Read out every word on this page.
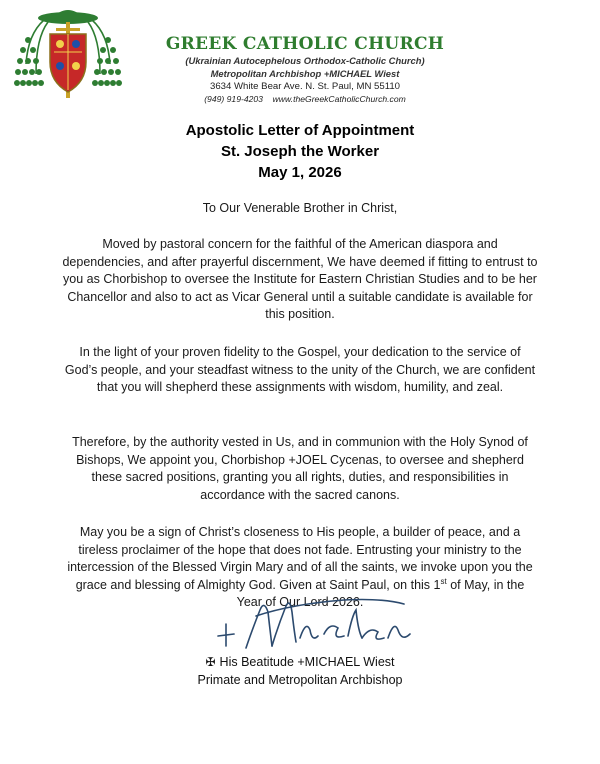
GREEK CATHOLIC CHURCH
(Ukrainian Autocephelous Orthodox-Catholic Church)
Metropolitan Archbishop +MICHAEL Wiest
3634 White Bear Ave. N. St. Paul, MN 55110
(949) 919-4203 www.theGreekCatholicChurch.com
Apostolic Letter of Appointment
St. Joseph the Worker
May 1, 2026
To Our Venerable Brother in Christ,
Moved by pastoral concern for the faithful of the American diaspora and dependencies, and after prayerful discernment, We have deemed if fitting to entrust to you as Chorbishop to oversee the Institute for Eastern Christian Studies and to be her Chancellor and also to act as Vicar General until a suitable candidate is available for this position.
In the light of your proven fidelity to the Gospel, your dedication to the service of God’s people, and your steadfast witness to the unity of the Church, we are confident that you will shepherd these assignments with wisdom, humility, and zeal.
Therefore, by the authority vested in Us, and in communion with the Holy Synod of Bishops, We appoint you, Chorbishop +JOEL Cycenas, to oversee and shepherd these sacred positions, granting you all rights, duties, and responsibilities in accordance with the sacred canons.
May you be a sign of Christ’s closeness to His people, a builder of peace, and a tireless proclaimer of the hope that does not fade. Entrusting your ministry to the intercession of the Blessed Virgin Mary and of all the saints, we invoke upon you the grace and blessing of Almighty God. Given at Saint Paul, on this 1st of May, in the Year of Our Lord 2026.
✠ His Beatitude +MICHAEL Wiest
Primate and Metropolitan Archbishop
